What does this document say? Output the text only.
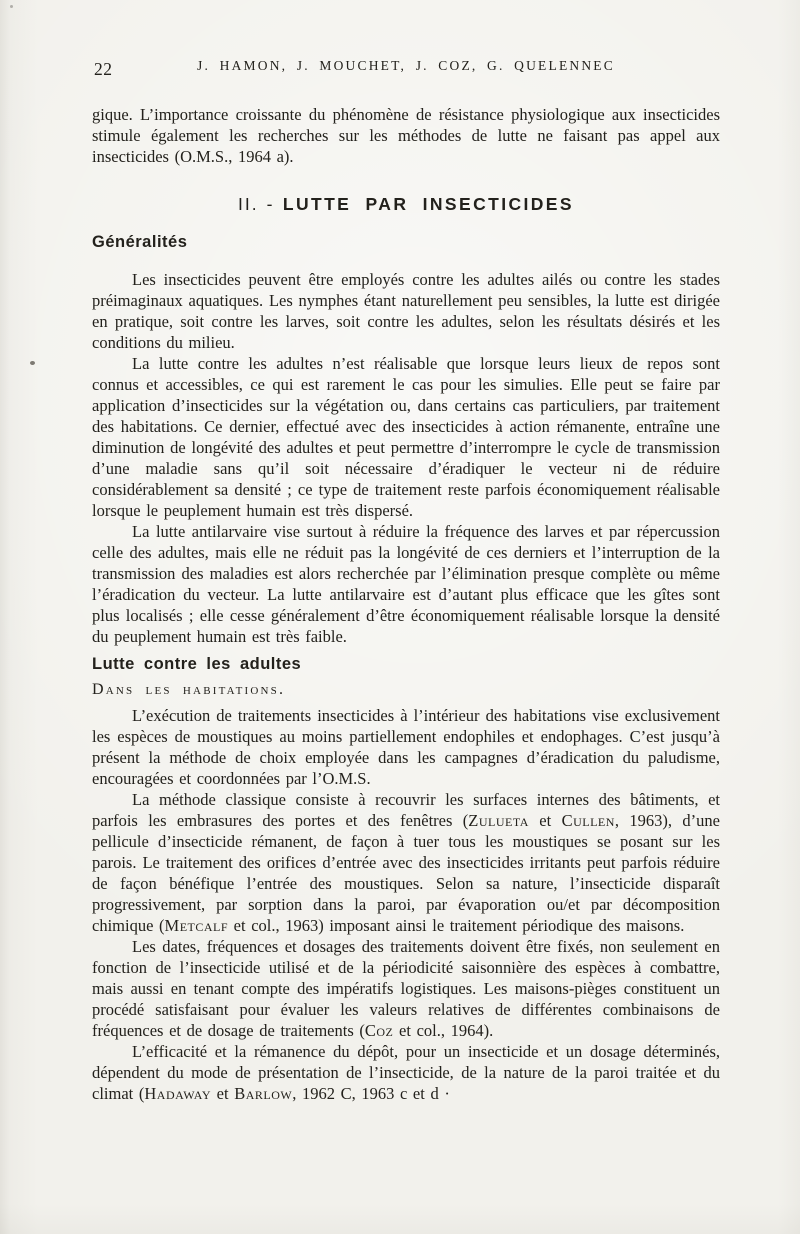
22	J. HAMON, J. MOUCHET, J. COZ, G. QUELENNEC

gique. L’importance croissante du phénomène de résistance physiologique aux insecticides stimule également les recherches sur les méthodes de lutte ne faisant pas appel aux insecticides (O.M.S., 1964 a).

II. - LUTTE PAR INSECTICIDES
Généralités

Les insecticides peuvent être employés contre les adultes ailés ou contre les stades préimaginaux aquatiques. Les nymphes étant naturellement peu sensibles, la lutte est dirigée en pratique, soit contre les larves, soit contre les adultes, selon les résultats désirés et les conditions du milieu.

La lutte contre les adultes n’est réalisable que lorsque leurs lieux de repos sont connus et accessibles, ce qui est rarement le cas pour les simulies. Elle peut se faire par application d’insecticides sur la végétation ou, dans certains cas particuliers, par traitement des habitations. Ce dernier, effectué avec des insecticides à action rémanente, entraîne une diminution de longévité des adultes et peut permettre d’interrompre le cycle de transmission d’une maladie sans qu’il soit nécessaire d’éradiquer le vecteur ni de réduire considérablement sa densité ; ce type de traitement reste parfois économiquement réalisable lorsque le peuplement humain est très dispersé.

La lutte antilarvaire vise surtout à réduire la fréquence des larves et par répercussion celle des adultes, mais elle ne réduit pas la longévité de ces derniers et l’interruption de la transmission des maladies est alors recherchée par l’élimination presque complète ou même l’éradication du vecteur. La lutte antilarvaire est d’autant plus efficace que les gîtes sont plus localisés ; elle cesse généralement d’être économiquement réalisable lorsque la densité du peuplement humain est très faible.

Lutte contre les adultes
Dans les habitations.

L’exécution de traitements insecticides à l’intérieur des habitations vise exclusivement les espèces de moustiques au moins partiellement endophiles et endophages. C’est jusqu’à présent la méthode de choix employée dans les campagnes d’éradication du paludisme, encouragées et coordonnées par l’O.M.S.

La méthode classique consiste à recouvrir les surfaces internes des bâtiments, et parfois les embrasures des portes et des fenêtres (Zulueta et Cullen, 1963), d’une pellicule d’insecticide rémanent, de façon à tuer tous les moustiques se posant sur les parois. Le traitement des orifices d’entrée avec des insecticides irritants peut parfois réduire de façon bénéfique l’entrée des moustiques. Selon sa nature, l’insecticide disparaît progressivement, par sorption dans la paroi, par évaporation ou/et par décomposition chimique (Metcalf et col., 1963) imposant ainsi le traitement périodique des maisons.

Les dates, fréquences et dosages des traitements doivent être fixés, non seulement en fonction de l’insecticide utilisé et de la périodicité saisonnière des espèces à combattre, mais aussi en tenant compte des impératifs logistiques. Les maisons-pièges constituent un procédé satisfaisant pour évaluer les valeurs relatives de différentes combinaisons de fréquences et de dosage de traitements (Coz et col., 1964).

L’efficacité et la rémanence du dépôt, pour un insecticide et un dosage déterminés, dépendent du mode de présentation de l’insecticide, de la nature de la paroi traitée et du climat (Hadaway et Barlow, 1962 C, 1963 c et d ·
